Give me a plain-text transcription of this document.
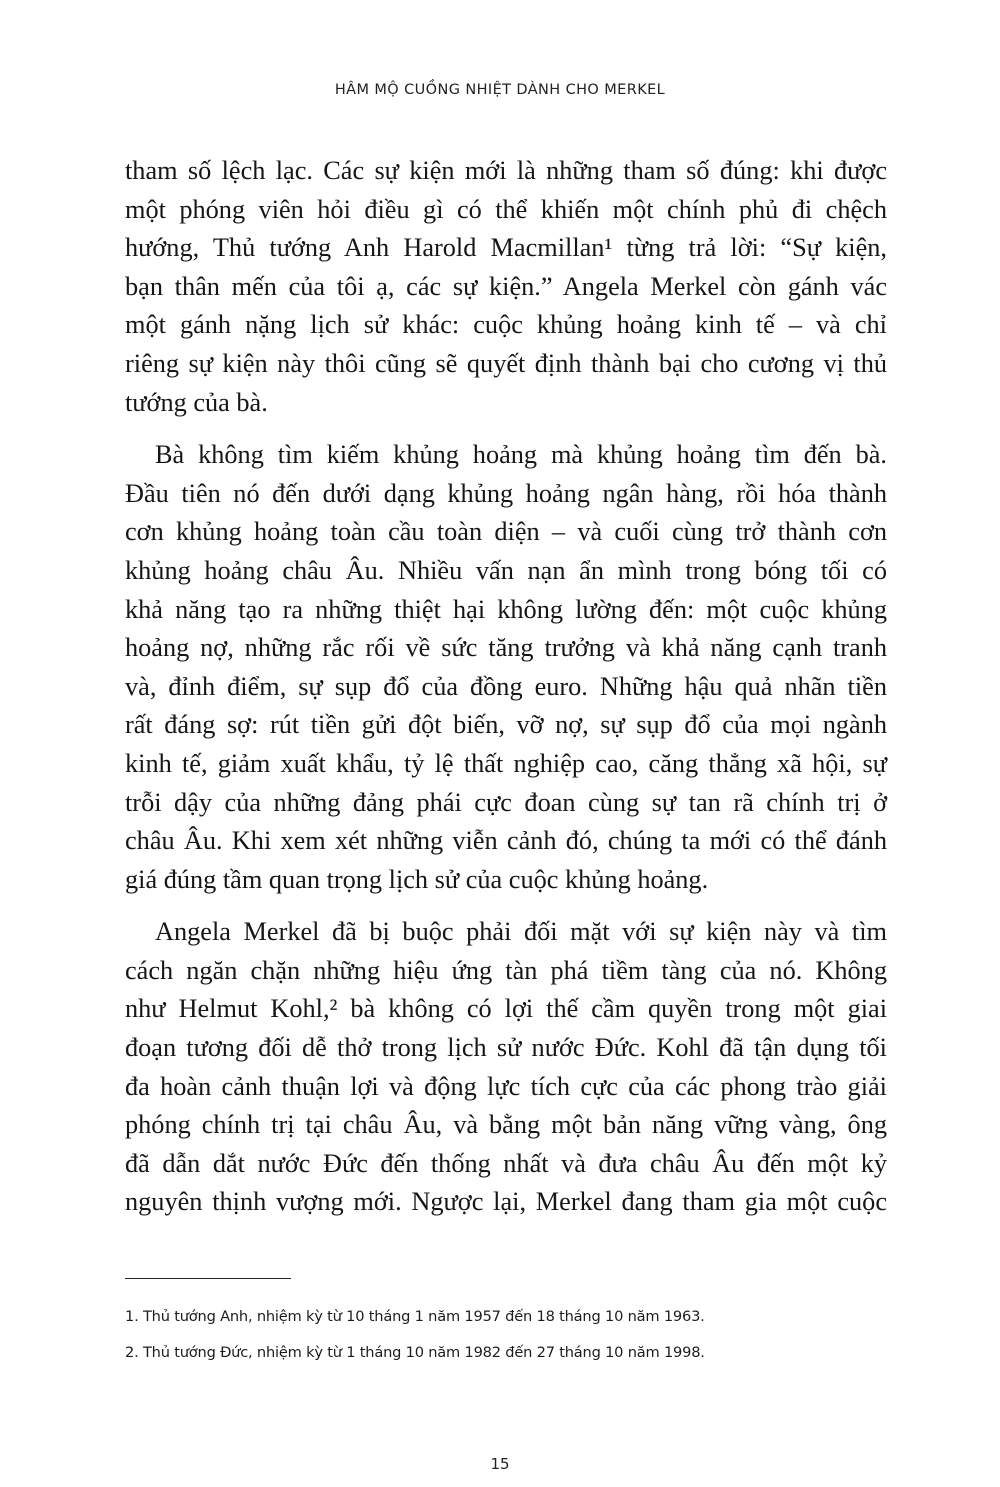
HÂM MỘ CUỒNG NHIỆT DÀNH CHO MERKEL
tham số lệch lạc. Các sự kiện mới là những tham số đúng: khi được
một phóng viên hỏi điều gì có thể khiến một chính phủ đi chệch
hướng, Thủ tướng Anh Harold Macmillan¹ từng trả lời: “Sự kiện,
bạn thân mến của tôi ạ, các sự kiện.” Angela Merkel còn gánh vác
một gánh nặng lịch sử khác: cuộc khủng hoảng kinh tế – và chỉ
riêng sự kiện này thôi cũng sẽ quyết định thành bại cho cương vị thủ
tướng của bà.
Bà không tìm kiếm khủng hoảng mà khủng hoảng tìm đến bà.
Đầu tiên nó đến dưới dạng khủng hoảng ngân hàng, rồi hóa thành
cơn khủng hoảng toàn cầu toàn diện – và cuối cùng trở thành cơn
khủng hoảng châu Âu. Nhiều vấn nạn ẩn mình trong bóng tối có
khả năng tạo ra những thiệt hại không lường đến: một cuộc khủng
hoảng nợ, những rắc rối về sức tăng trưởng và khả năng cạnh tranh
và, đỉnh điểm, sự sụp đổ của đồng euro. Những hậu quả nhãn tiền
rất đáng sợ: rút tiền gửi đột biến, vỡ nợ, sự sụp đổ của mọi ngành
kinh tế, giảm xuất khẩu, tỷ lệ thất nghiệp cao, căng thẳng xã hội, sự
trỗi dậy của những đảng phái cực đoan cùng sự tan rã chính trị ở
châu Âu. Khi xem xét những viễn cảnh đó, chúng ta mới có thể đánh
giá đúng tầm quan trọng lịch sử của cuộc khủng hoảng.
Angela Merkel đã bị buộc phải đối mặt với sự kiện này và tìm
cách ngăn chặn những hiệu ứng tàn phá tiềm tàng của nó. Không
như Helmut Kohl,² bà không có lợi thế cầm quyền trong một giai
đoạn tương đối dễ thở trong lịch sử nước Đức. Kohl đã tận dụng tối
đa hoàn cảnh thuận lợi và động lực tích cực của các phong trào giải
phóng chính trị tại châu Âu, và bằng một bản năng vững vàng, ông
đã dẫn dắt nước Đức đến thống nhất và đưa châu Âu đến một kỷ
nguyên thịnh vượng mới. Ngược lại, Merkel đang tham gia một cuộc
1. Thủ tướng Anh, nhiệm kỳ từ 10 tháng 1 năm 1957 đến 18 tháng 10 năm 1963.
2. Thủ tướng Đức, nhiệm kỳ từ 1 tháng 10 năm 1982 đến 27 tháng 10 năm 1998.
15
